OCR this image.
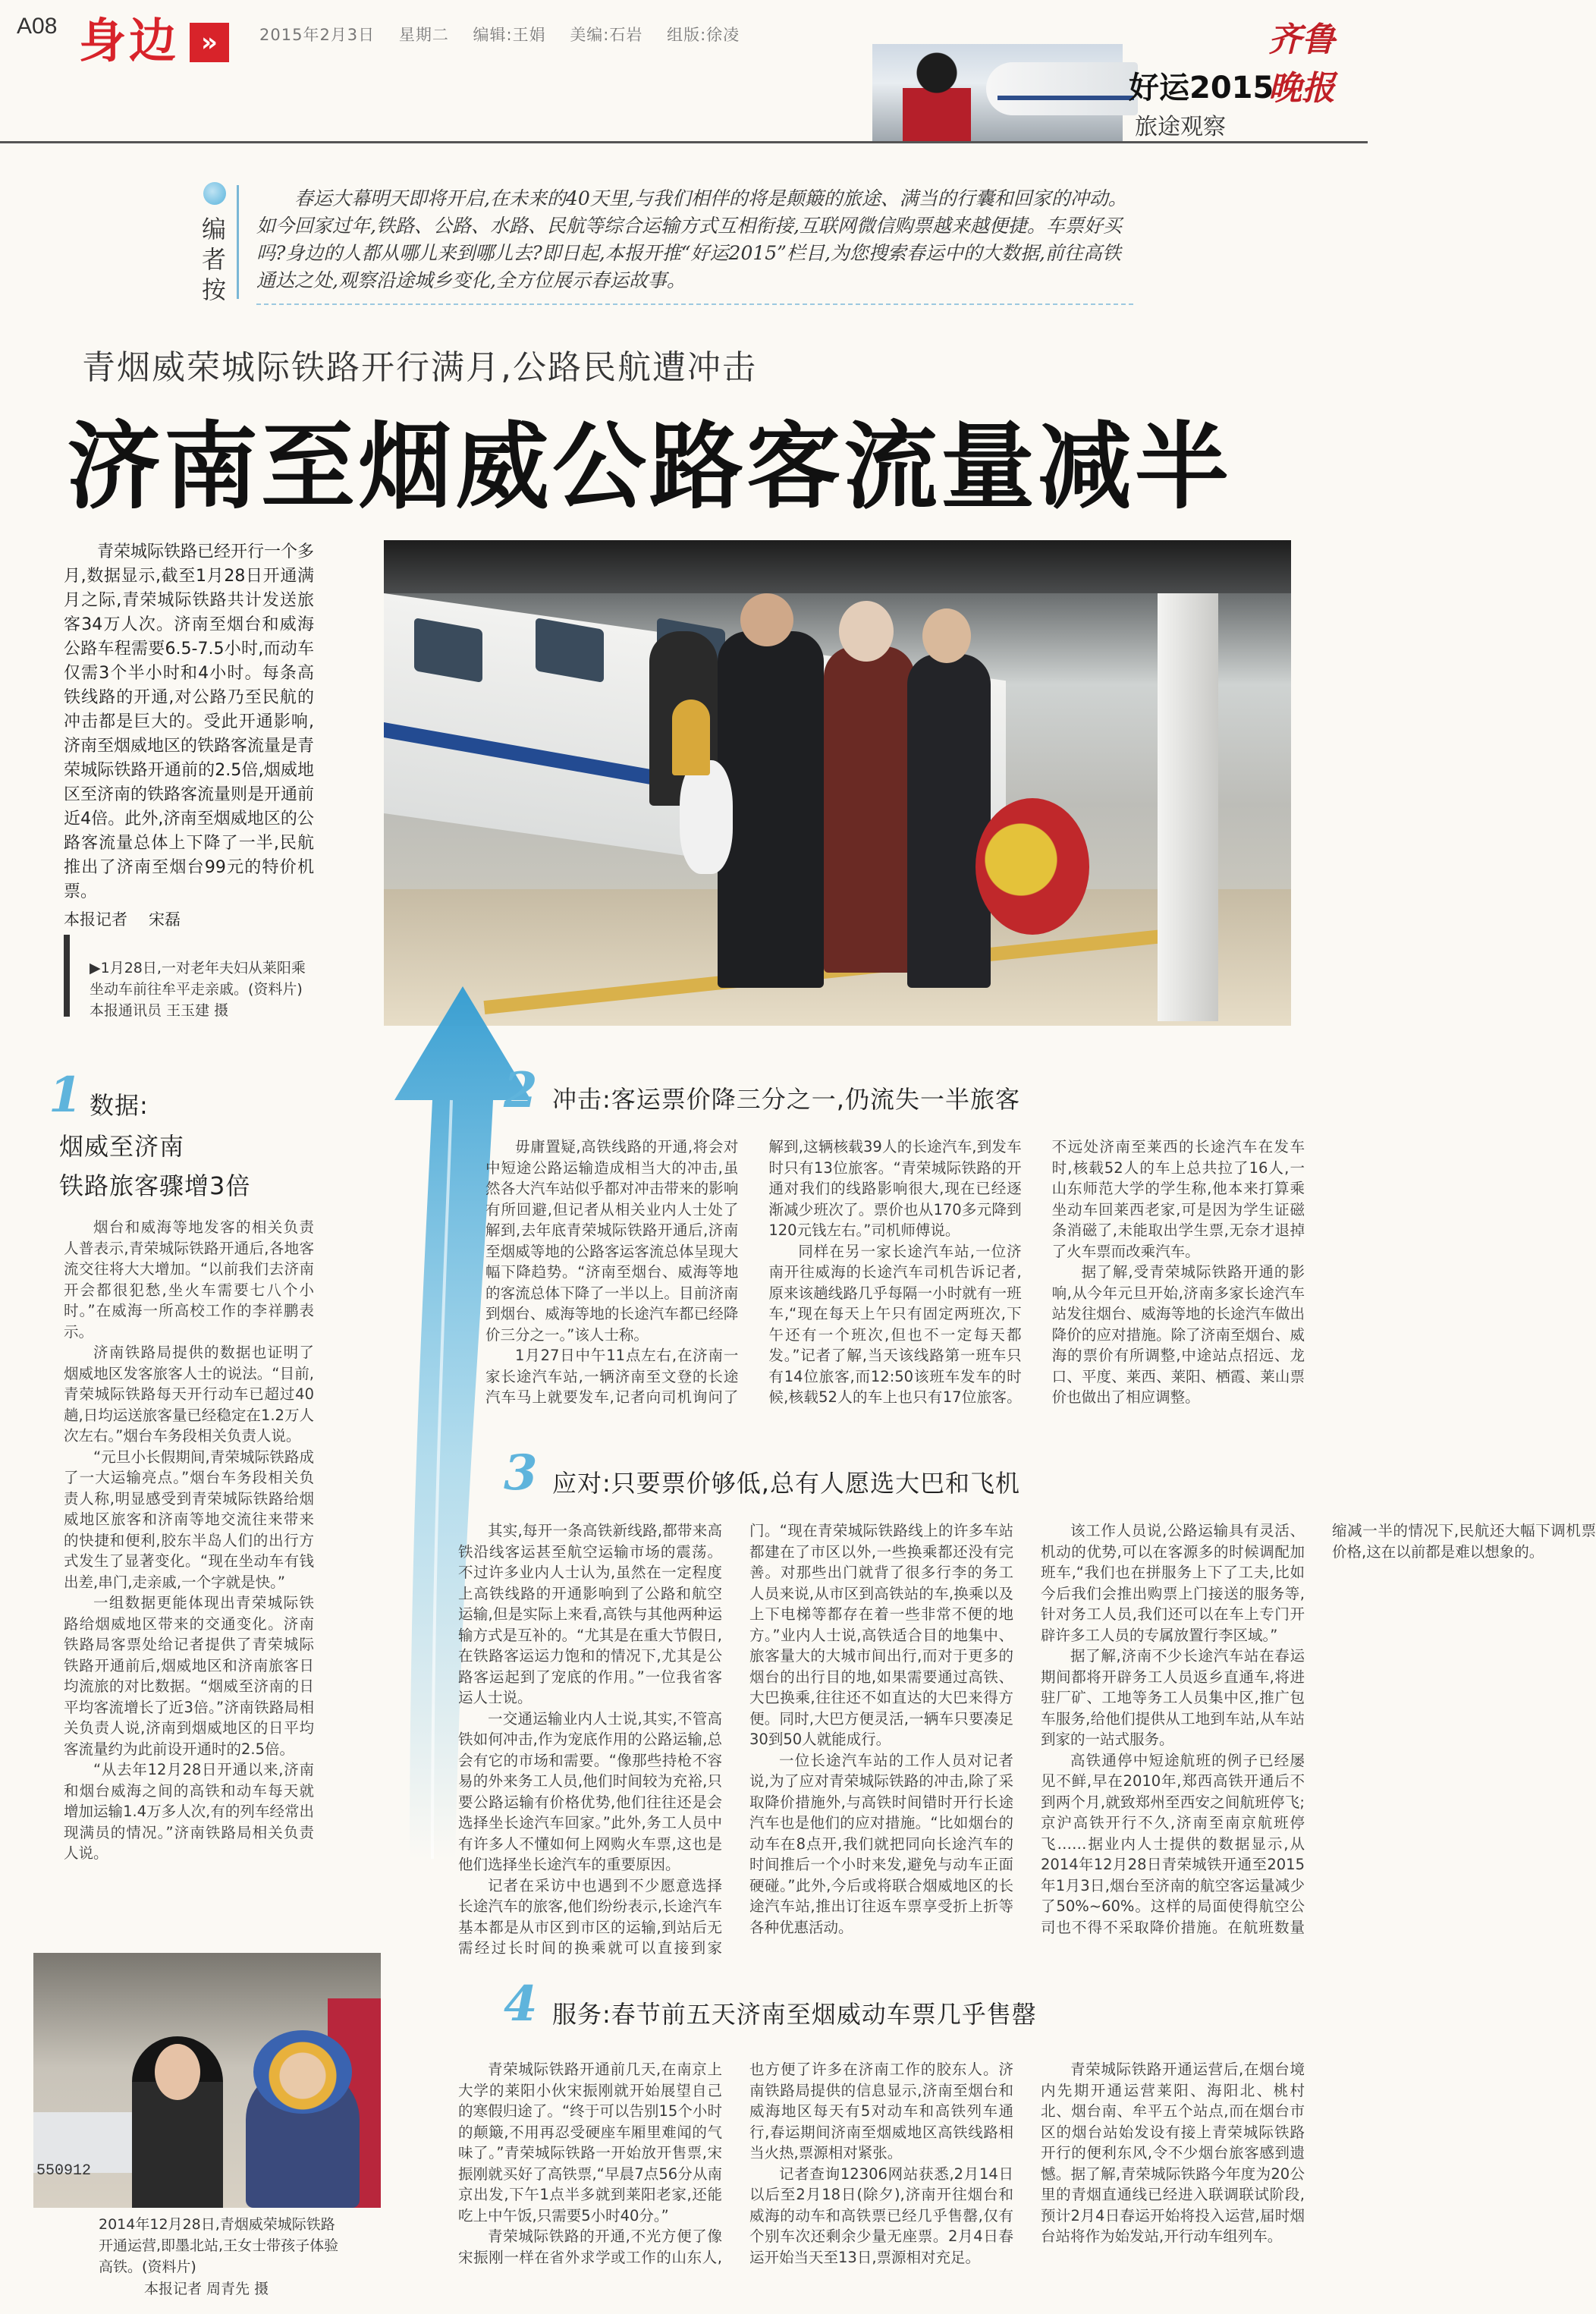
A08 身边 »	2015年2月3日 星期二 编辑:王娟 美编:石岩 组版:徐凌	齐鲁晚报
好运2015
旅途观察
编
者
按
春运大幕明天即将开启,在未来的40天里,与我们相伴的将是颠簸的旅途、满当的行囊和回家的冲动。如今回家过年,铁路、公路、水路、民航等综合运输方式互相衔接,互联网微信购票越来越便捷。车票好买吗?身边的人都从哪儿来到哪儿去?即日起,本报开推“好运2015”栏目,为您搜索春运中的大数据,前往高铁通达之处,观察沿途城乡变化,全方位展示春运故事。
青烟威荣城际铁路开行满月,公路民航遭冲击
济南至烟威公路客流量减半
青荣城际铁路已经开行一个多月,数据显示,截至1月28日开通满月之际,青荣城际铁路共计发送旅客34万人次。济南至烟台和威海公路车程需要6.5-7.5小时,而动车仅需3个半小时和4小时。每条高铁线路的开通,对公路乃至民航的冲击都是巨大的。受此开通影响,济南至烟威地区的铁路客流量是青荣城际铁路开通前的2.5倍,烟威地区至济南的铁路客流量则是开通前近4倍。此外,济南至烟威地区的公路客流量总体上下降了一半,民航推出了济南至烟台99元的特价机票。
本报记者 宋磊
▶1月28日,一对老年夫妇从莱阳乘坐动车前往牟平走亲戚。(资料片) 本报通讯员 王玉建 摄
1 数据:
烟威至济南
铁路旅客骤增3倍

烟台和威海等地发客的相关负责人普表示,青荣城际铁路开通后,各地客流交往将大大增加。“以前我们去济南开会都很犯愁,坐火车需要七八个小时。”在威海一所高校工作的李祥鹏表示。

济南铁路局提供的数据也证明了烟威地区发客旅客人士的说法。“目前,青荣城际铁路每天开行动车已超过40趟,日均运送旅客量已经稳定在1.2万人次左右。”烟台车务段相关负责人说。

“元旦小长假期间,青荣城际铁路成了一大运输亮点。”烟台车务段相关负责人称,明显感受到青荣城际铁路给烟威地区旅客和济南等地交流往来带来的快捷和便利,胶东半岛人们的出行方式发生了显著变化。“现在坐动车有钱出差,串门,走亲戚,一个字就是快。”

一组数据更能体现出青荣城际铁路给烟威地区带来的交通变化。济南铁路局客票处给记者提供了青荣城际铁路开通前后,烟威地区和济南旅客日均流旅的对比数据。“烟威至济南的日平均客流增长了近3倍。”济南铁路局相关负责人说,济南到烟威地区的日平均客流量约为此前设开通时的2.5倍。

“从去年12月28日开通以来,济南和烟台威海之间的高铁和动车每天就增加运输1.4万多人次,有的列车经常出现满员的情况。”济南铁路局相关负责人说。

2 冲击:客运票价降三分之一,仍流失一半旅客

毋庸置疑,高铁线路的开通,将会对中短途公路运输造成相当大的冲击,虽然各大汽车站似乎都对冲击带来的影响有所回避,但记者从相关业内人士处了解到,去年底青荣城际铁路开通后,济南至烟威等地的公路客运客流总体呈现大幅下降趋势。“济南至烟台、威海等地的客流总体下降了一半以上。目前济南到烟台、威海等地的长途汽车都已经降价三分之一。”该人士称。

1月27日中午11点左右,在济南一家长途汽车站,一辆济南至文登的长途汽车马上就要发车,记者向司机询问了解到,这辆核载39人的长途汽车,到发车时只有13位旅客。“青荣城际铁路的开通对我们的线路影响很大,现在已经逐渐减少班次了。票价也从170多元降到120元钱左右。”司机师傅说。

同样在另一家长途汽车站,一位济南开往威海的长途汽车司机告诉记者,原来该趟线路几乎每隔一小时就有一班车,“现在每天上午只有固定两班次,下午还有一个班次,但也不一定每天都发。”记者了解,当天该线路第一班车只有14位旅客,而12:50该班车发车的时候,核载52人的车上也只有17位旅客。不远处济南至莱西的长途汽车在发车时,核载52人的车上总共拉了16人,一山东师范大学的学生称,他本来打算乘坐动车回莱西老家,可是因为学生证磁条消磁了,未能取出学生票,无奈才退掉了火车票而改乘汽车。

据了解,受青荣城际铁路开通的影响,从今年元旦开始,济南多家长途汽车站发往烟台、威海等地的长途汽车做出降价的应对措施。除了济南至烟台、威海的票价有所调整,中途站点招远、龙口、平度、莱西、莱阳、栖霞、莱山票价也做出了相应调整。

3 应对:只要票价够低,总有人愿选大巴和飞机

其实,每开一条高铁新线路,都带来高铁沿线客运甚至航空运输市场的震荡。不过许多业内人士认为,虽然在一定程度上高铁线路的开通影响到了公路和航空运输,但是实际上来看,高铁与其他两种运输方式是互补的。“尤其是在重大节假日,在铁路客运运力饱和的情况下,尤其是公路客运起到了宠底的作用。”一位我省客运人士说。

一交通运输业内人士说,其实,不管高铁如何冲击,作为宠底作用的公路运输,总会有它的市场和需要。“像那些持枪不容易的外来务工人员,他们时间较为充裕,只要公路运输有价格优势,他们往往还是会选择坐长途汽车回家。”此外,务工人员中有许多人不懂如何上网购火车票,这也是他们选择坐长途汽车的重要原因。

记者在采访中也遇到不少愿意选择长途汽车的旅客,他们纷纷表示,长途汽车基本都是从市区到市区的运输,到站后无需经过长时间的换乘就可以直接到家门。“现在青荣城际铁路线上的许多车站都建在了市区以外,一些换乘都还没有完善。对那些出门就背了很多行李的务工人员来说,从市区到高铁站的车,换乘以及上下电梯等都存在着一些非常不便的地方。”业内人士说,高铁适合目的地集中、旅客量大的大城市间出行,而对于更多的烟台的出行目的地,如果需要通过高铁、大巴换乘,往往还不如直达的大巴来得方便。同时,大巴方便灵活,一辆车只要凑足30到50人就能成行。

一位长途汽车站的工作人员对记者说,为了应对青荣城际铁路的冲击,除了采取降价措施外,与高铁时间错时开行长途汽车也是他们的应对措施。“比如烟台的动车在8点开,我们就把同向长途汽车的时间推后一个小时来发,避免与动车正面硬碰。”此外,今后或将联合烟威地区的长途汽车站,推出订往返车票享受折上折等各种优惠活动。

该工作人员说,公路运输具有灵活、机动的优势,可以在客源多的时候调配加班车,“我们也在拼服务上下了工夫,比如今后我们会推出购票上门接送的服务等,针对务工人员,我们还可以在车上专门开辟许多工人员的专属放置行李区域。”

据了解,济南不少长途汽车站在春运期间都将开辟务工人员返乡直通车,将进驻厂矿、工地等务工人员集中区,推广包车服务,给他们提供从工地到车站,从车站到家的一站式服务。

高铁通停中短途航班的例子已经屡见不鲜,早在2010年,郑西高铁开通后不到两个月,就致郑州至西安之间航班停飞;京沪高铁开行不久,济南至南京航班停飞……据业内人士提供的数据显示,从2014年12月28日青荣城铁开通至2015年1月3日,烟台至济南的航空客运量减少了50%~60%。这样的局面使得航空公司也不得不采取降价措施。在航班数量缩减一半的情况下,民航还大幅下调机票价格,这在以前都是难以想象的。

4 服务:春节前五天济南至烟威动车票几乎售罄

青荣城际铁路开通前几天,在南京上大学的莱阳小伙宋振刚就开始展望自己的寒假归途了。“终于可以告别15个小时的颠簸,不用再忍受硬座车厢里难闻的气味了。”青荣城际铁路一开始放开售票,宋振刚就买好了高铁票,“早晨7点56分从南京出发,下午1点半多就到莱阳老家,还能吃上中午饭,只需要5小时40分。”

青荣城际铁路的开通,不光方便了像宋振刚一样在省外求学或工作的山东人,也方便了许多在济南工作的胶东人。济南铁路局提供的信息显示,济南至烟台和威海地区每天有5对动车和高铁列车通行,春运期间济南至烟威地区高铁线路相当火热,票源相对紧张。

记者查询12306网站获悉,2月14日以后至2月18日(除夕),济南开往烟台和威海的动车和高铁票已经几乎售罄,仅有个别车次还剩余少量无座票。2月4日春运开始当天至13日,票源相对充足。

青荣城际铁路开通运营后,在烟台境内先期开通运营莱阳、海阳北、桃村北、烟台南、牟平五个站点,而在烟台市区的烟台站始发设有接上青荣城际铁路开行的便利东风,令不少烟台旅客感到遗憾。据了解,青荣城际铁路今年度为20公里的青烟直通线已经进入联调联试阶段,预计2月4日春运开始将投入运营,届时烟台站将作为始发站,开行动车组列车。

550912
2014年12月28日,青烟威荣城际铁路开通运营,即墨北站,王女士带孩子体验高铁。(资料片)
本报记者 周青先 摄
